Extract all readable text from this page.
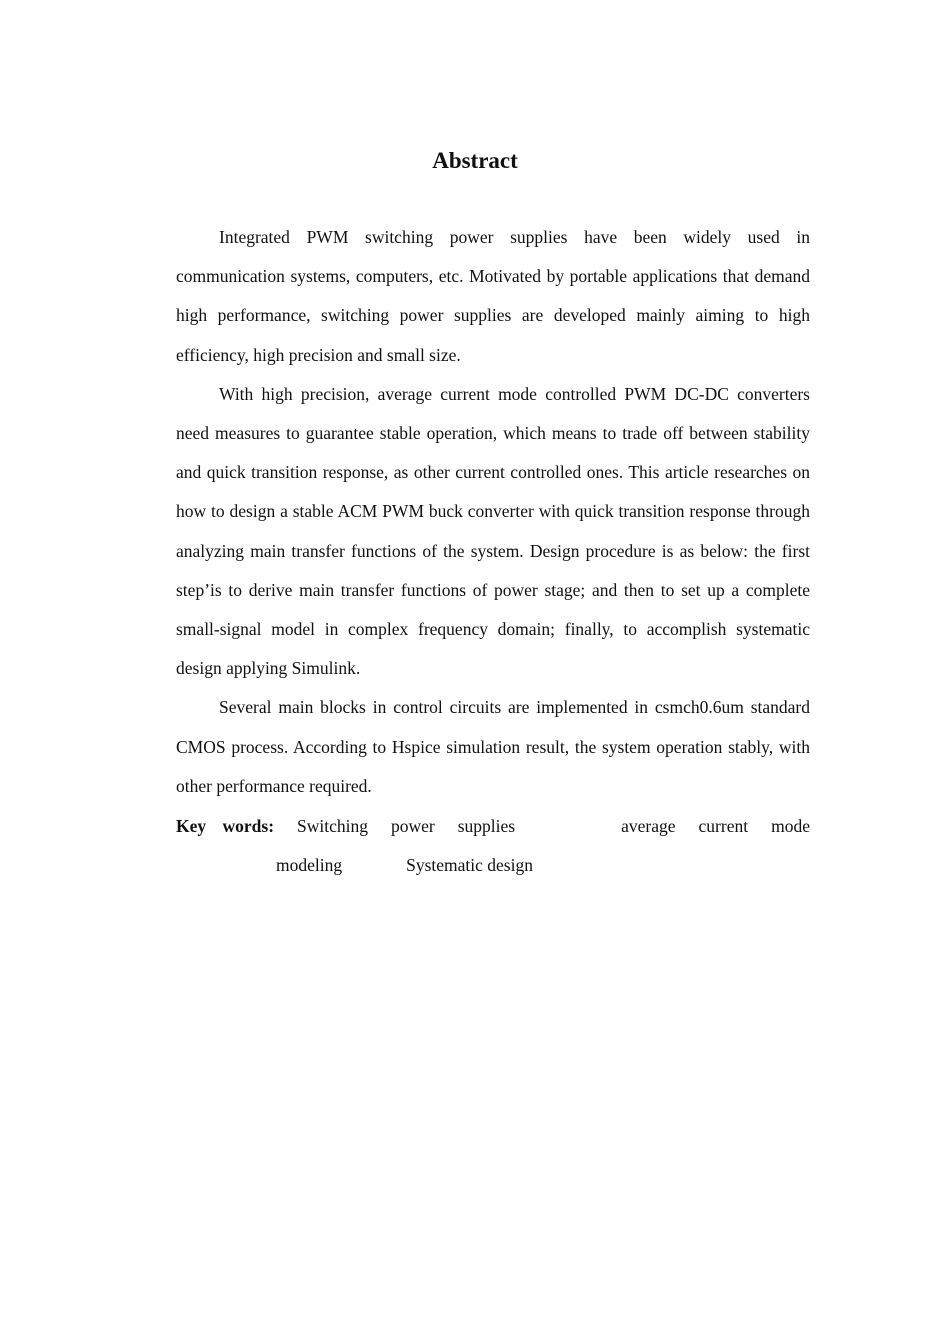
Abstract

Integrated PWM switching power supplies have been widely used in communication systems, computers, etc. Motivated by portable applications that demand high performance, switching power supplies are developed mainly aiming to high efficiency, high precision and small size.

With high precision, average current mode controlled PWM DC-DC converters need measures to guarantee stable operation, which means to trade off between stability and quick transition response, as other current controlled ones. This article researches on how to design a stable ACM PWM buck converter with quick transition response through analyzing main transfer functions of the system. Design procedure is as below: the first stepʼis to derive main transfer functions of power stage; and then to set up a complete small-signal model in complex frequency domain; finally, to accomplish systematic design applying Simulink.

Several main blocks in control circuits are implemented in csmch0.6um standard CMOS process. According to Hspice simulation result, the system operation stably, with other performance required.

Key words: Switching power supplies	average current mode
modeling	Systematic design
